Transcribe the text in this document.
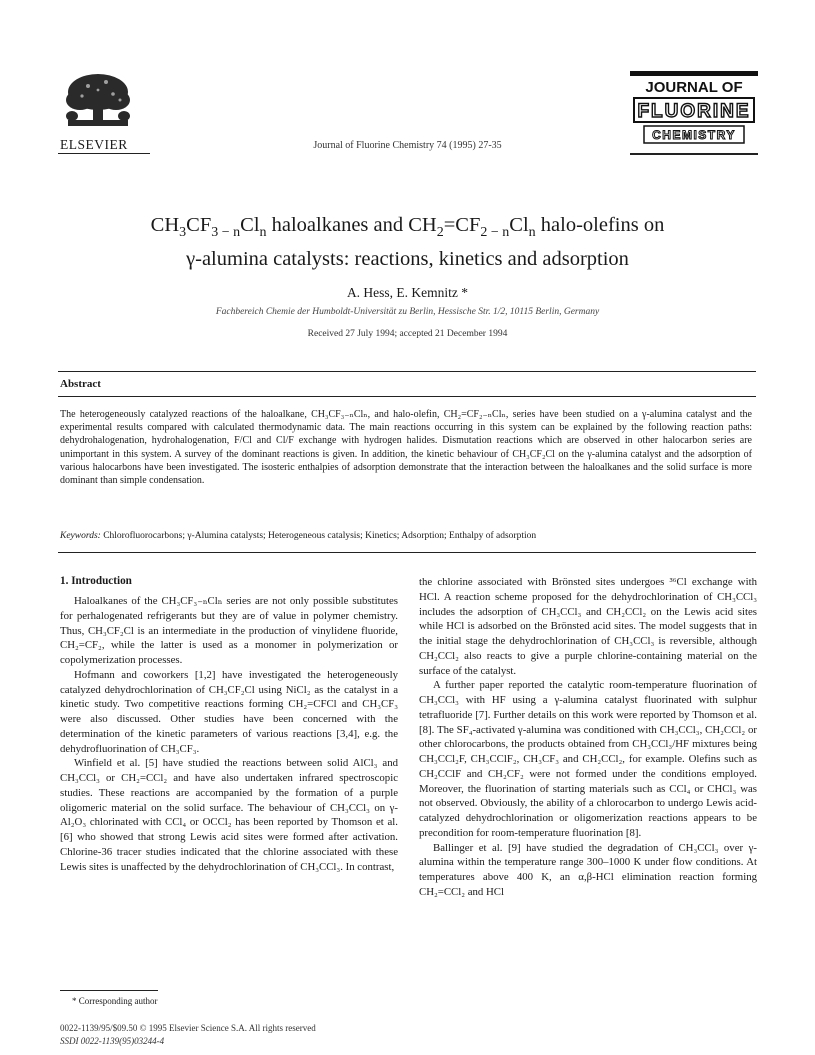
ELSEVIER	Journal of Fluorine Chemistry 74 (1995) 27-35
JOURNAL OF
FLUORINE
CHEMISTRY
$CH_3CF_{3 - n}Cl_n$ haloalkanes and $CH_2=CF_{2 - n}Cl_n$ halo-olefins on
γ-alumina catalysts: reactions, kinetics and adsorption
A. Hess, E. Kemnitz *
Fachbereich Chemie der Humboldt-Universität zu Berlin, Hessische Str. 1/2, 10115 Berlin, Germany
Received 27 July 1994; accepted 21 December 1994
Abstract
The heterogeneously catalyzed reactions of the haloalkane, CH₃CF₃₋ₙClₙ, and halo-olefin, CH₂=CF₂₋ₙClₙ, series have been studied on a γ-alumina catalyst and the experimental results compared with calculated thermodynamic data. The main reactions occurring in this system can be explained by the following reaction paths: dehydrohalogenation, hydrohalogenation, F/Cl and Cl/F exchange with hydrogen halides. Dismutation reactions which are observed in other halocarbon series are unimportant in this system. A survey of the dominant reactions is given. In addition, the kinetic behaviour of CH₃CF₂Cl on the γ-alumina catalyst and the adsorption of various halocarbons have been investigated. The isosteric enthalpies of adsorption demonstrate that the interaction between the haloalkanes and the solid surface is more dominant than simple condensation.
Keywords: Chlorofluorocarbons; γ-Alumina catalysts; Heterogeneous catalysis; Kinetics; Adsorption; Enthalpy of adsorption
1. Introduction

Haloalkanes of the CH₃CF₃₋ₙClₙ series are not only possible substitutes for perhalogenated refrigerants but they are of value in polymer chemistry. Thus, CH₃CF₂Cl is an intermediate in the production of vinylidene fluoride, CH₂=CF₂, while the latter is used as a monomer in polymerization or copolymerization processes.

Hofmann and coworkers [1,2] have investigated the heterogeneously catalyzed dehydrochlorination of CH₃CF₂Cl using NiCl₂ as the catalyst in a kinetic study. Two competitive reactions forming CH₂=CFCl and CH₃CF₃ were also discussed. Other studies have been concerned with the determination of the kinetic parameters of various reactions [3,4], e.g. the dehydrofluorination of CH₃CF₃.

Winfield et al. [5] have studied the reactions between solid AlCl₃ and CH₃CCl₃ or CH₂=CCl₂ and have also undertaken infrared spectroscopic studies. These reactions are accompanied by the formation of a purple oligomeric material on the solid surface. The behaviour of CH₃CCl₃ on γ-Al₂O₃ chlorinated with CCl₄ or OCCl₂ has been reported by Thomson et al. [6] who showed that strong Lewis acid sites were formed after activation. Chlorine-36 tracer studies indicated that the chlorine associated with these Lewis sites is unaffected by the dehydrochlorination of CH₃CCl₃. In contrast,

the chlorine associated with Brönsted sites undergoes ³⁶Cl exchange with HCl. A reaction scheme proposed for the dehydrochlorination of CH₃CCl₃ includes the adsorption of CH₃CCl₃ and CH₂CCl₂ on the Lewis acid sites while HCl is adsorbed on the Brönsted acid sites. The model suggests that in the initial stage the dehydrochlorination of CH₃CCl₃ is reversible, although CH₂CCl₂ also reacts to give a purple chlorine-containing material on the surface of the catalyst.

A further paper reported the catalytic room-temperature fluorination of CH₃CCl₃ with HF using a γ-alumina catalyst fluorinated with sulphur tetrafluoride [7]. Further details on this work were reported by Thomson et al. [8]. The SF₄-activated γ-alumina was conditioned with CH₃CCl₃, CH₂CCl₂ or other chlorocarbons, the products obtained from CH₃CCl₃/HF mixtures being CH₃CCl₂F, CH₃CClF₂, CH₃CF₃ and CH₂CCl₂, for example. Olefins such as CH₂CClF and CH₂CF₂ were not formed under the conditions employed. Moreover, the fluorination of starting materials such as CCl₄ or CHCl₃ was not observed. Obviously, the ability of a chlorocarbon to undergo Lewis acid-catalyzed dehydrochlorination or oligomerization reactions appears to be precondition for room-temperature fluorination [8].

Ballinger et al. [9] have studied the degradation of CH₃CCl₃ over γ-alumina within the temperature range 300–1000 K under flow conditions. At temperatures above 400 K, an α,β-HCl elimination reaction forming CH₂=CCl₂ and HCl

* Corresponding author
0022-1139/95/$09.50 © 1995 Elsevier Science S.A. All rights reserved
SSDI 0022-1139(95)03244-4
